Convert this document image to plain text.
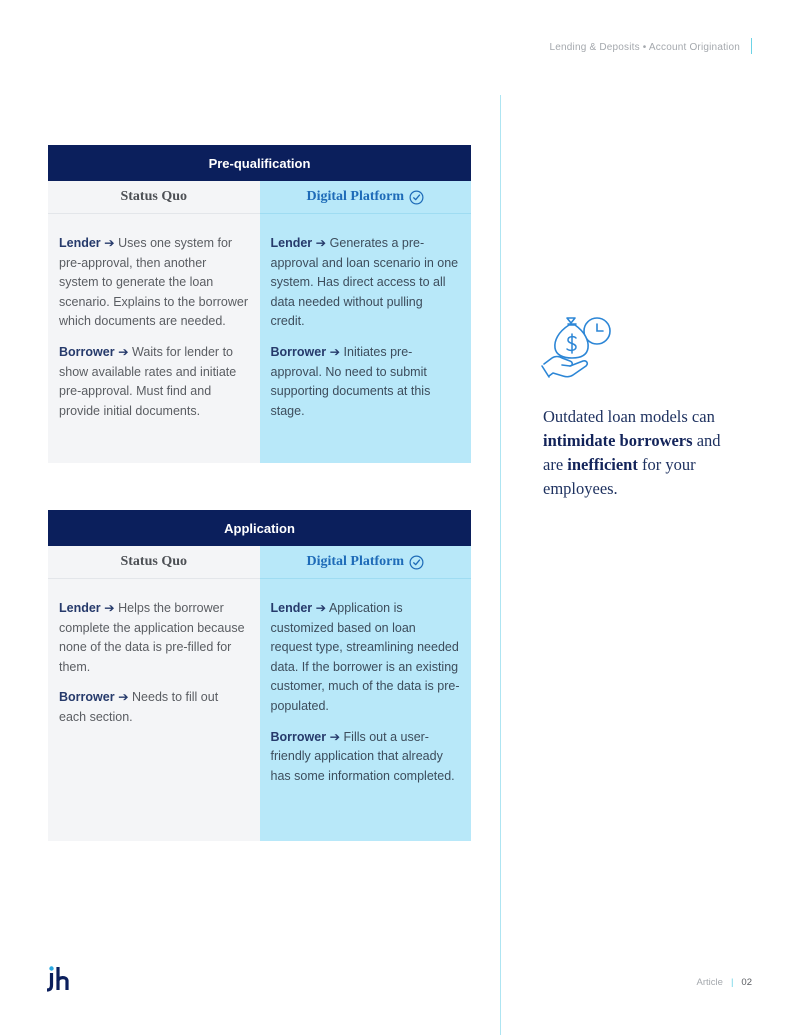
Lending & Deposits • Account Origination
Pre-qualification
Status Quo

Lender ➔ Uses one system for pre-approval, then another system to generate the loan scenario. Explains to the borrower which documents are needed.

Borrower ➔ Waits for lender to show available rates and initiate pre-approval. Must find and provide initial documents.

Digital Platform

Lender ➔ Generates a pre-approval and loan scenario in one system. Has direct access to all data needed without pulling credit.

Borrower ➔ Initiates pre-approval. No need to submit supporting documents at this stage.

Application
Status Quo

Lender ➔ Helps the borrower complete the application because none of the data is pre-filled for them.

Borrower ➔ Needs to fill out each section.

Digital Platform

Lender ➔ Application is customized based on loan request type, streamlining needed data. If the borrower is an existing customer, much of the data is pre-populated.

Borrower ➔ Fills out a user-friendly application that already has some information completed.

Outdated loan models can intimidate borrowers and are inefficient for your employees.
Article | 02
